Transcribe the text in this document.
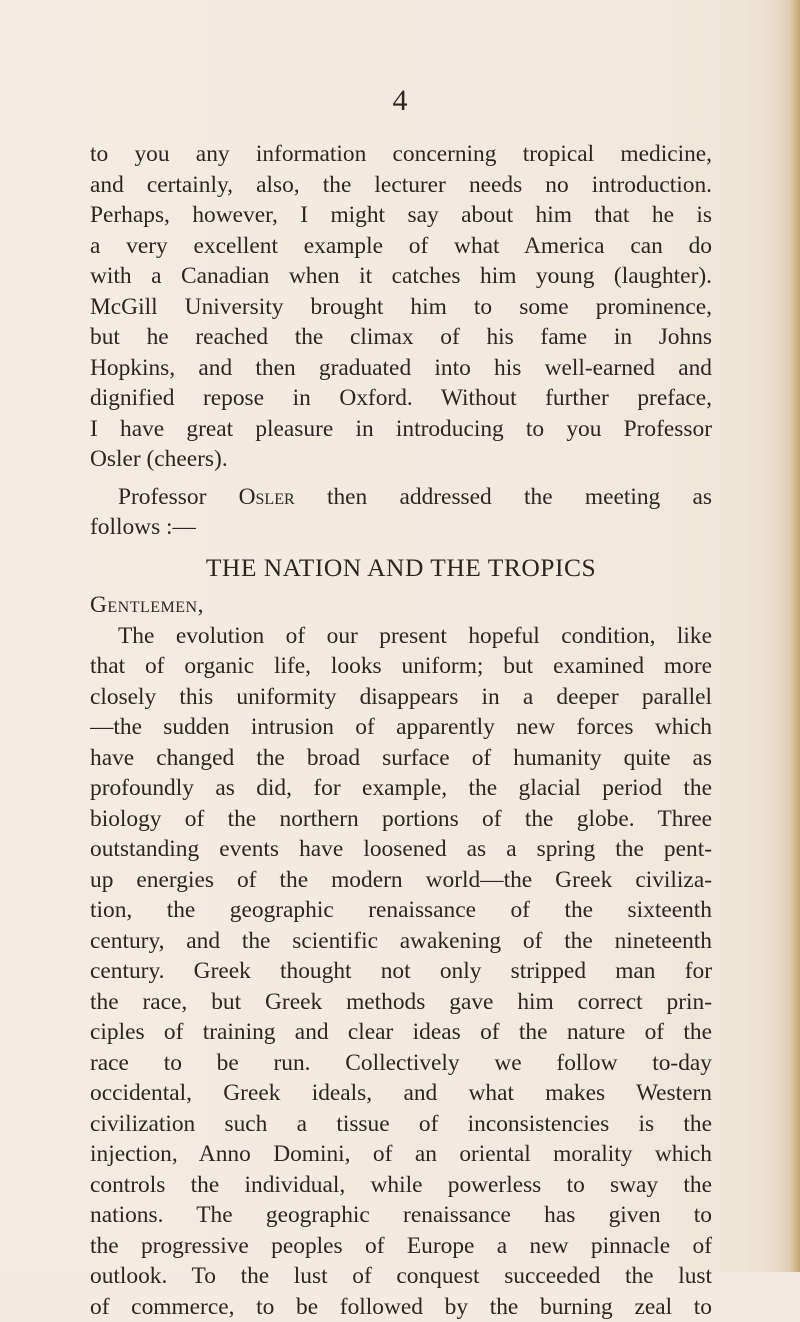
4
to you any information concerning tropical medicine,
and certainly, also, the lecturer needs no introduction.
Perhaps, however, I might say about him that he is
a very excellent example of what America can do
with a Canadian when it catches him young (laughter).
McGill University brought him to some prominence,
but he reached the climax of his fame in Johns
Hopkins, and then graduated into his well-earned and
dignified repose in Oxford. Without further preface,
I have great pleasure in introducing to you Professor
Osler (cheers).
Professor Osler then addressed the meeting as
follows :—
THE NATION AND THE TROPICS
Gentlemen,
The evolution of our present hopeful condition, like
that of organic life, looks uniform; but examined more
closely this uniformity disappears in a deeper parallel
—the sudden intrusion of apparently new forces which
have changed the broad surface of humanity quite as
profoundly as did, for example, the glacial period the
biology of the northern portions of the globe. Three
outstanding events have loosened as a spring the pent-
up energies of the modern world—the Greek civiliza-
tion, the geographic renaissance of the sixteenth
century, and the scientific awakening of the nineteenth
century. Greek thought not only stripped man for
the race, but Greek methods gave him correct prin-
ciples of training and clear ideas of the nature of the
race to be run. Collectively we follow to-day
occidental, Greek ideals, and what makes Western
civilization such a tissue of inconsistencies is the
injection, Anno Domini, of an oriental morality which
controls the individual, while powerless to sway the
nations. The geographic renaissance has given to
the progressive peoples of Europe a new pinnacle of
outlook. To the lust of conquest succeeded the lust
of commerce, to be followed by the burning zeal to
